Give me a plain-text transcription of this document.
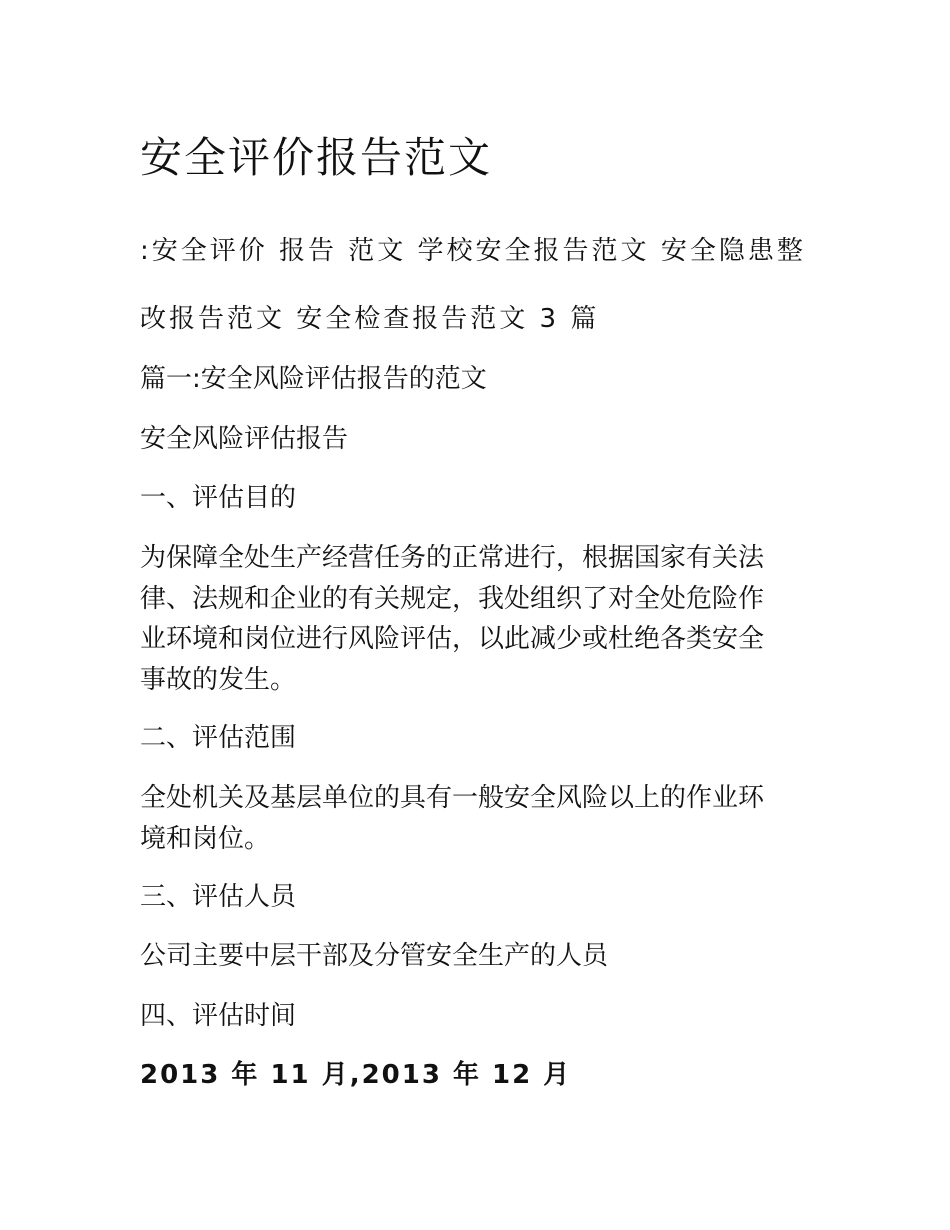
安全评价报告范文

:安全评价 报告 范文 学校安全报告范文 安全隐患整

改报告范文 安全检查报告范文 3 篇

篇一:安全风险评估报告的范文

安全风险评估报告

一、评估目的

为保障全处生产经营任务的正常进行，根据国家有关法
律、法规和企业的有关规定，我处组织了对全处危险作
业环境和岗位进行风险评估，以此减少或杜绝各类安全
事故的发生。

二、评估范围

全处机关及基层单位的具有一般安全风险以上的作业环
境和岗位。

三、评估人员

公司主要中层干部及分管安全生产的人员

四、评估时间

2013 年 11 月,2013 年 12 月
